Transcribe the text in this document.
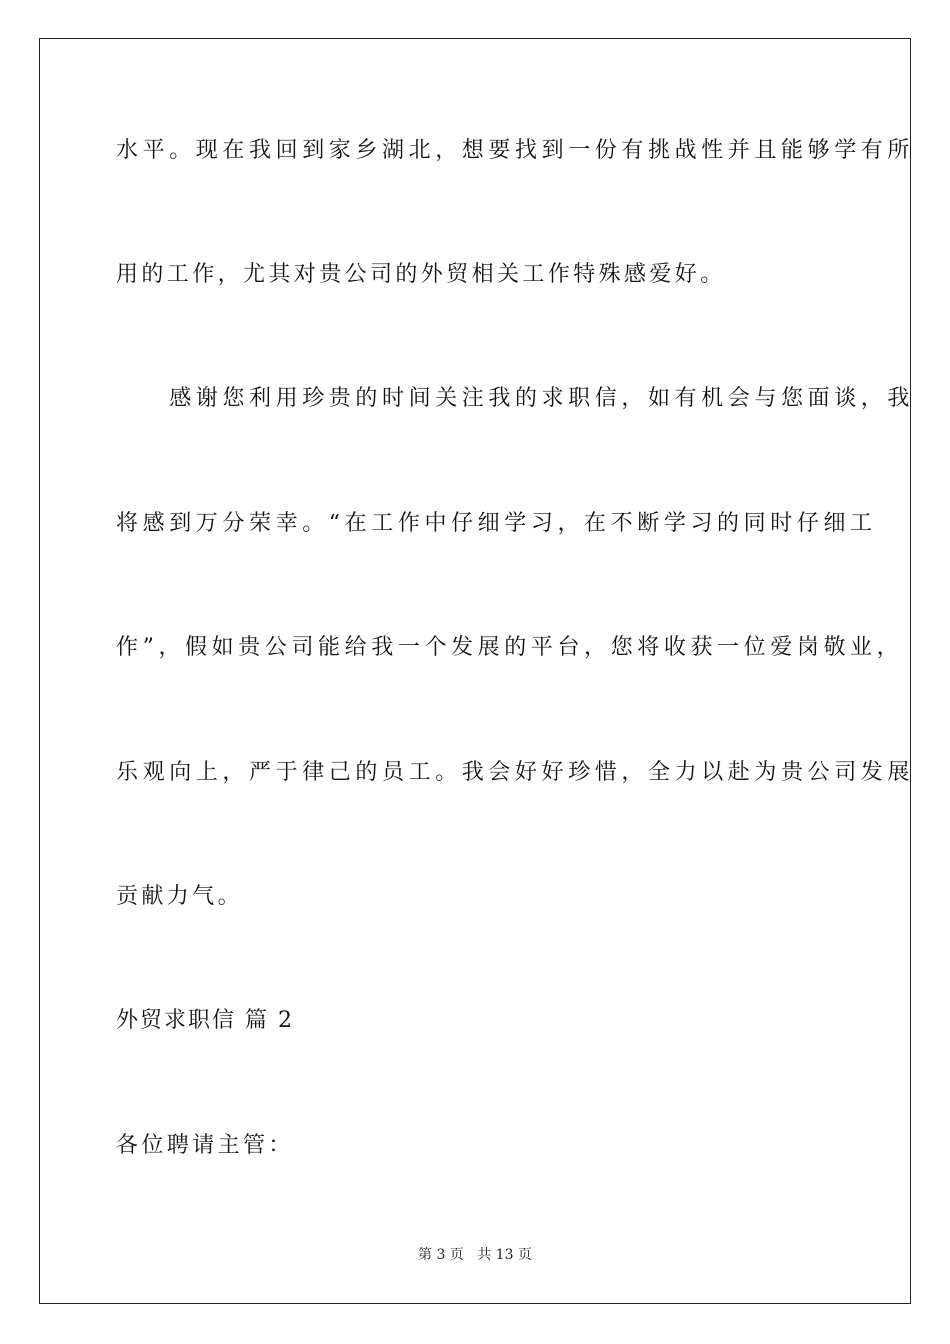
水平。现在我回到家乡湖北，想要找到一份有挑战性并且能够学有所
用的工作，尤其对贵公司的外贸相关工作特殊感爱好。
　　感谢您利用珍贵的时间关注我的求职信，如有机会与您面谈，我
将感到万分荣幸。“在工作中仔细学习，在不断学习的同时仔细工
作”，假如贵公司能给我一个发展的平台，您将收获一位爱岗敬业，
乐观向上，严于律己的员工。我会好好珍惜，全力以赴为贵公司发展
贡献力气。
外贸求职信 篇 2
各位聘请主管：
第 3 页 共 13 页
